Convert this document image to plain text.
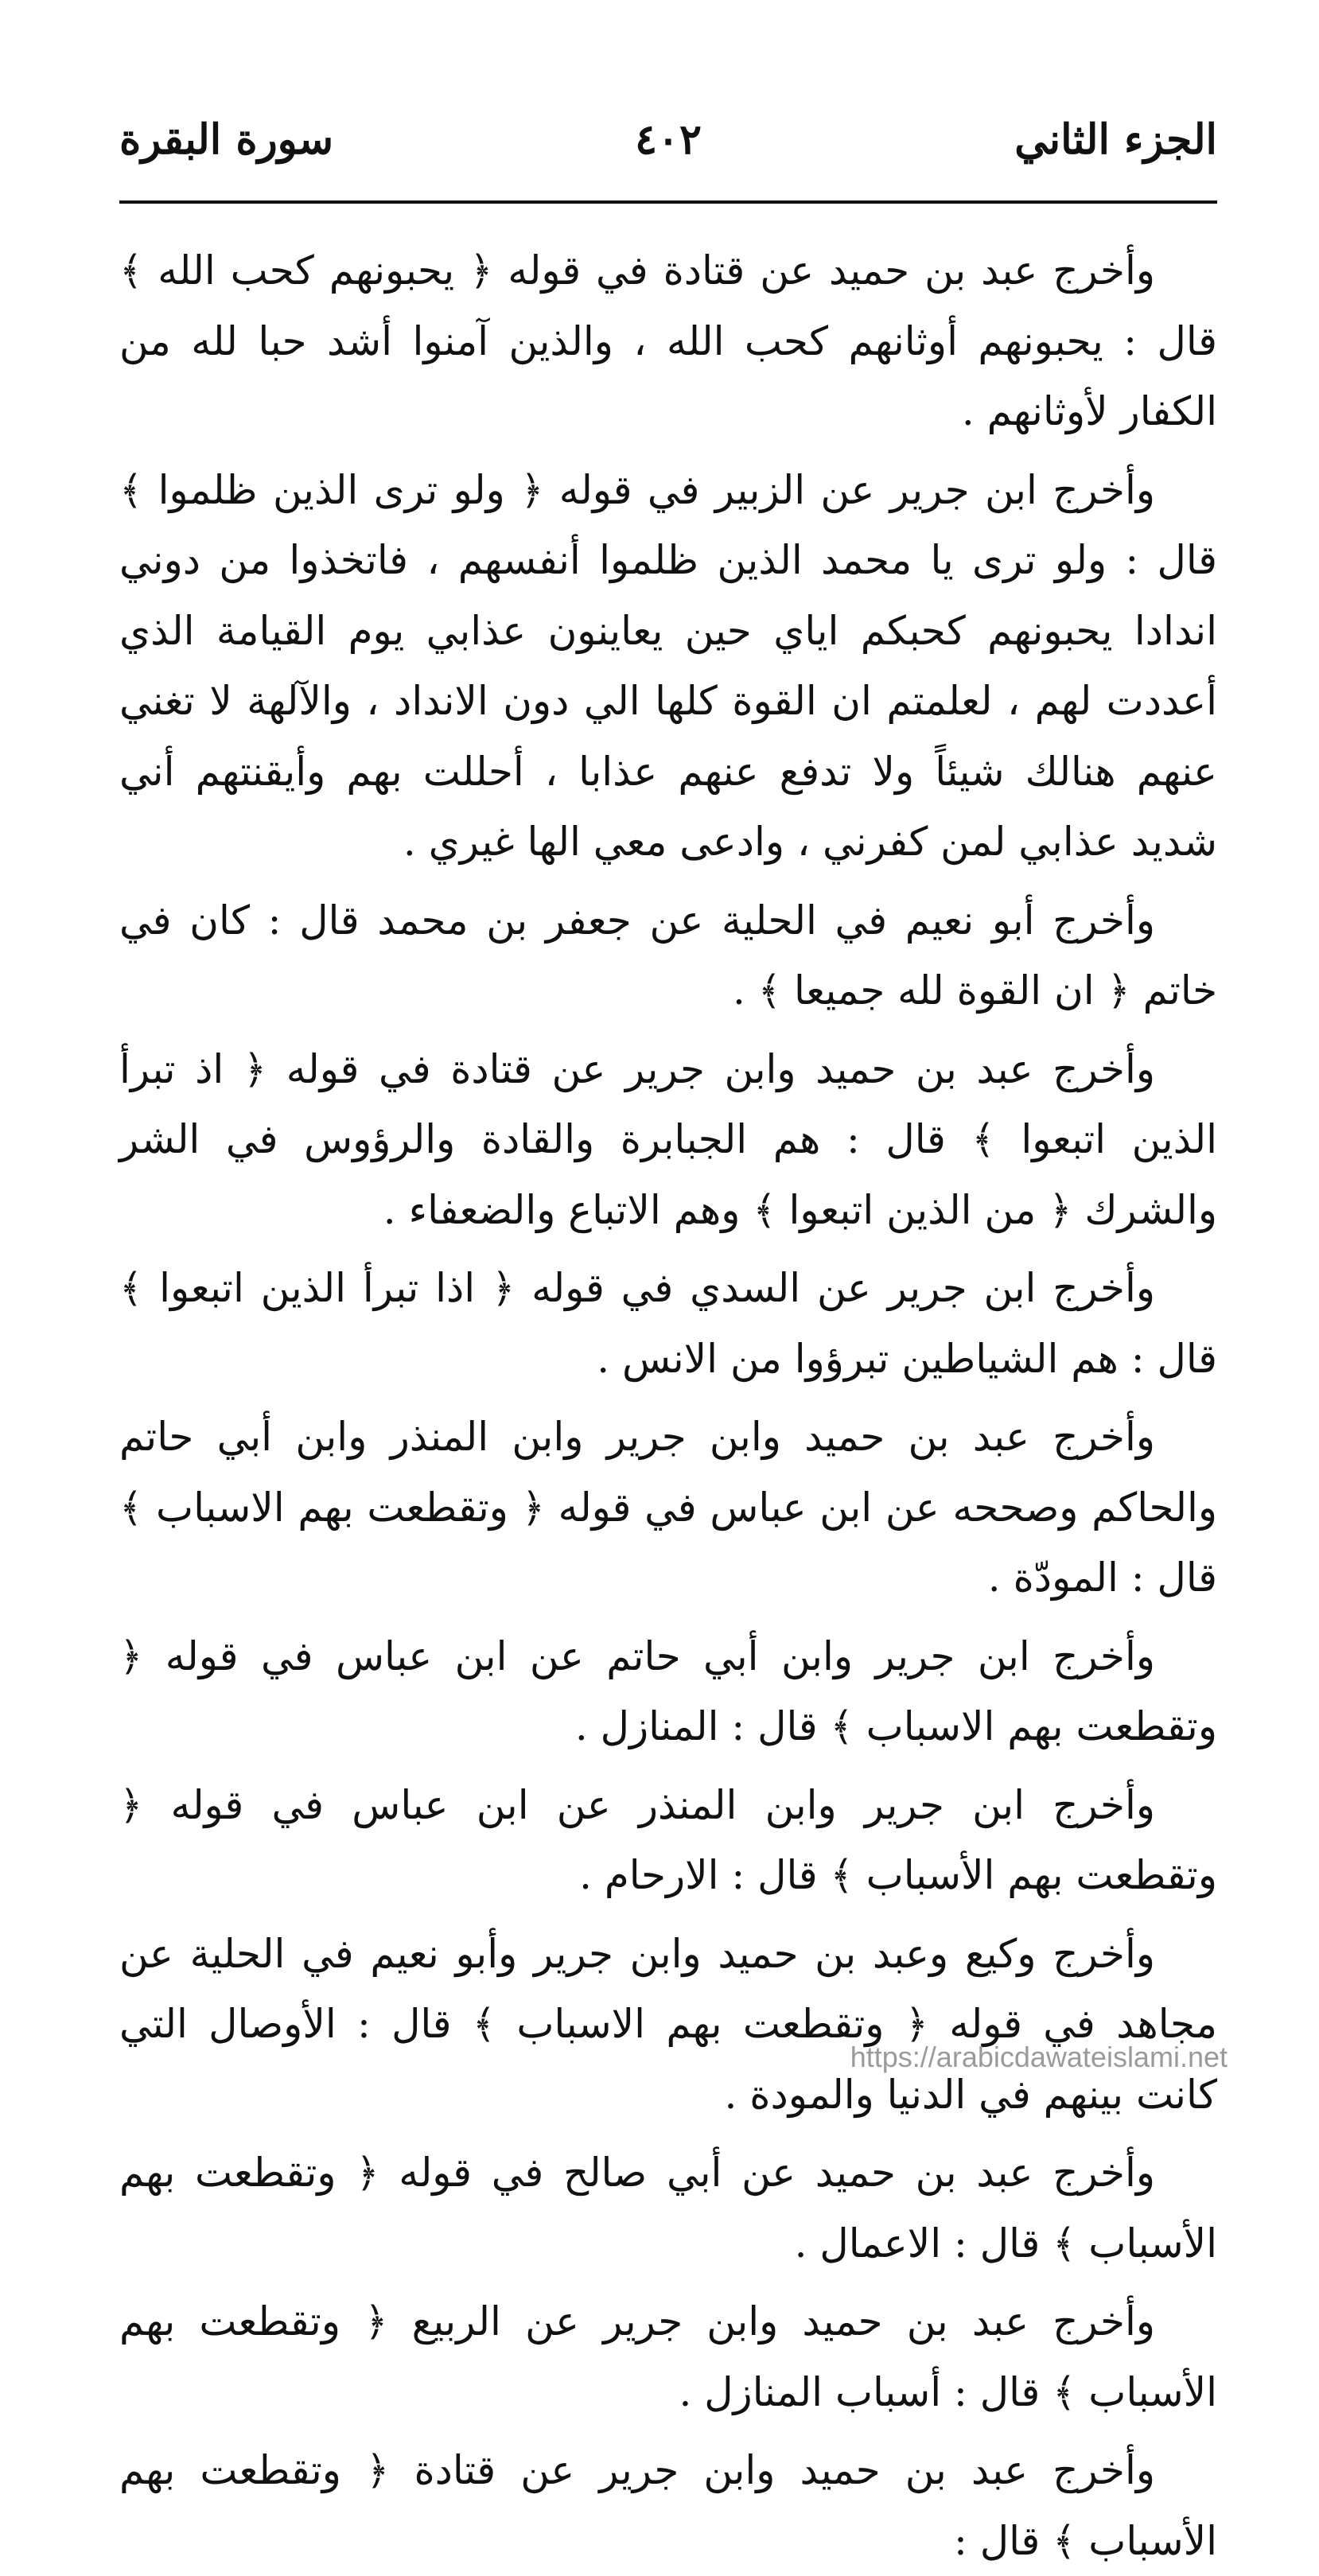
الجزء الثاني
٤٠٢
سورة البقرة

وأخرج عبد بن حميد عن قتادة في قوله ﴿ يحبونهم كحب الله ﴾ قال : يحبونهم أوثانهم كحب الله ، والذين آمنوا أشد حبا لله من الكفار لأوثانهم .

وأخرج ابن جرير عن الزبير في قوله ﴿ ولو ترى الذين ظلموا ﴾ قال : ولو ترى يا محمد الذين ظلموا أنفسهم ، فاتخذوا من دوني اندادا يحبونهم كحبكم اياي حين يعاينون عذابي يوم القيامة الذي أعددت لهم ، لعلمتم ان القوة كلها الي دون الانداد ، والآلهة لا تغني عنهم هنالك شيئاً ولا تدفع عنهم عذابا ، أحللت بهم وأيقنتهم أني شديد عذابي لمن كفرني ، وادعى معي الها غيري .

وأخرج أبو نعيم في الحلية عن جعفر بن محمد قال : كان في خاتم ﴿ ان القوة لله جميعا ﴾ .

وأخرج عبد بن حميد وابن جرير عن قتادة في قوله ﴿ اذ تبرأ الذين اتبعوا ﴾ قال : هم الجبابرة والقادة والرؤوس في الشر والشرك ﴿ من الذين اتبعوا ﴾ وهم الاتباع والضعفاء .

وأخرج ابن جرير عن السدي في قوله ﴿ اذا تبرأ الذين اتبعوا ﴾ قال : هم الشياطين تبرؤوا من الانس .

وأخرج عبد بن حميد وابن جرير وابن المنذر وابن أبي حاتم والحاكم وصححه عن ابن عباس في قوله ﴿ وتقطعت بهم الاسباب ﴾ قال : المودّة .

وأخرج ابن جرير وابن أبي حاتم عن ابن عباس في قوله ﴿ وتقطعت بهم الاسباب ﴾ قال : المنازل .

وأخرج ابن جرير وابن المنذر عن ابن عباس في قوله ﴿ وتقطعت بهم الأسباب ﴾ قال : الارحام .

وأخرج وكيع وعبد بن حميد وابن جرير وأبو نعيم في الحلية عن مجاهد في قوله ﴿ وتقطعت بهم الاسباب ﴾ قال : الأوصال التي كانت بينهم في الدنيا والمودة .

وأخرج عبد بن حميد عن أبي صالح في قوله ﴿ وتقطعت بهم الأسباب ﴾ قال : الاعمال .

وأخرج عبد بن حميد وابن جرير عن الربيع ﴿ وتقطعت بهم الأسباب ﴾ قال : أسباب المنازل .

وأخرج عبد بن حميد وابن جرير عن قتادة ﴿ وتقطعت بهم الأسباب ﴾ قال :

https://arabicdawateislami.net
